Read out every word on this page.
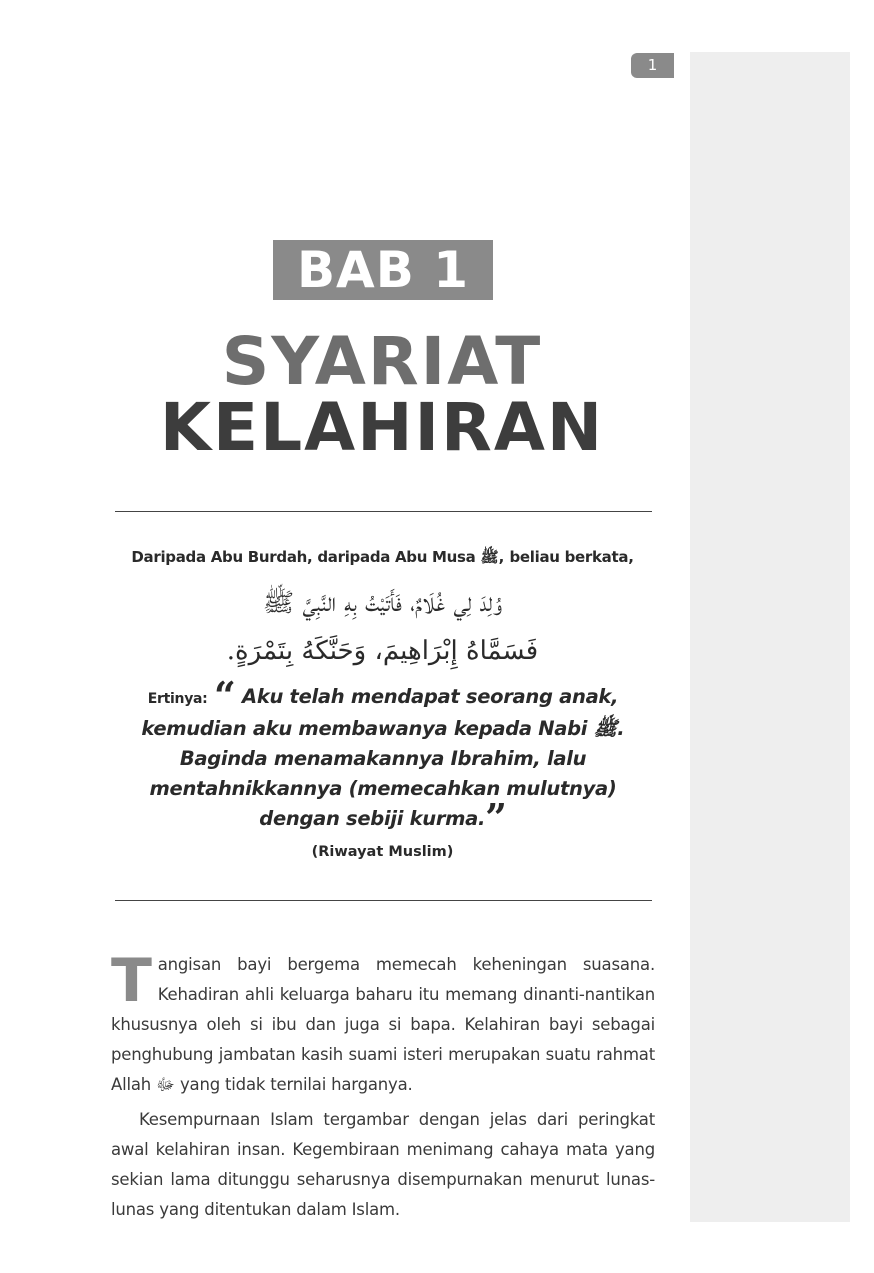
1
BAB 1
SYARIAT
KELAHIRAN
Daripada Abu Burdah, daripada Abu Musa ﷺ, beliau berkata,
وُلِدَ لِي غُلَامٌ، فَأَتَيْتُ بِهِ النَّبِيَّ ﷺ
فَسَمَّاهُ إِبْرَاهِيمَ، وَحَنَّكَهُ بِتَمْرَةٍ.
Ertinya: “ Aku telah mendapat seorang anak, kemudian aku membawanya kepada Nabi ﷺ. Baginda menamakannya Ibrahim, lalu mentahnikkannya (memecahkan mulutnya) dengan sebiji kurma.”
(Riwayat Muslim)
Tangisan bayi bergema memecah keheningan suasana. Kehadiran ahli keluarga baharu itu memang dinanti-nantikan khususnya oleh si ibu dan juga si bapa. Kelahiran bayi sebagai penghubung jambatan kasih suami isteri merupakan suatu rahmat Allah ﷻ yang tidak ternilai harganya.
Kesempurnaan Islam tergambar dengan jelas dari peringkat awal kelahiran insan. Kegembiraan menimang cahaya mata yang sekian lama ditunggu seharusnya disempurnakan menurut lunas-lunas yang ditentukan dalam Islam.
